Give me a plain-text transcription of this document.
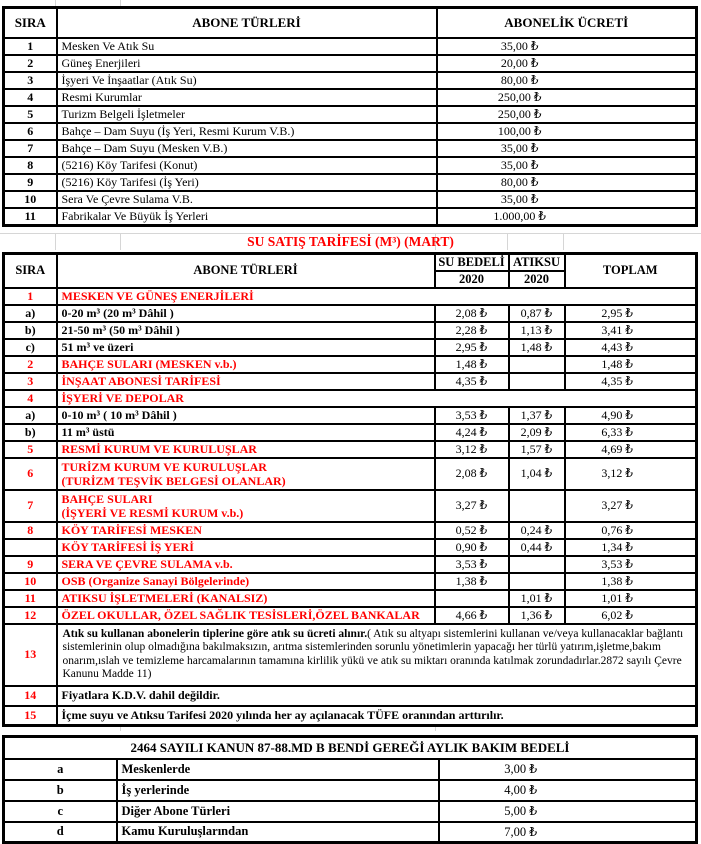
SIRA	ABONE TÜRLERİ	ABONELİK ÜCRETİ
1	Mesken Ve Atık Su	35,00 ₺
2	Güneş Enerjileri	20,00 ₺
3	İşyeri Ve İnşaatlar (Atık Su)	80,00 ₺
4	Resmi Kurumlar	250,00 ₺
5	Turizm Belgeli İşletmeler	250,00 ₺
6	Bahçe – Dam Suyu (İş Yeri, Resmi Kurum V.B.)	100,00 ₺
7	Bahçe – Dam Suyu (Mesken V.B.)	35,00 ₺
8	(5216) Köy Tarifesi (Konut)	35,00 ₺
9	(5216) Köy Tarifesi (İş Yeri)	80,00 ₺
10	Sera Ve Çevre Sulama V.B.	35,00 ₺
11	Fabrikalar Ve Büyük İş Yerleri	1.000,00 ₺
SU SATIŞ TARİFESİ (M³) (MART)
SIRA	ABONE TÜRLERİ	SU BEDELİ	ATIKSU	TOPLAM
		2020	2020	
1	MESKEN VE GÜNEŞ ENERJİLERİ			
a)	0-20 m³ (20 m³ Dâhil )	2,08 ₺	0,87 ₺	2,95 ₺
b)	21-50 m³ (50 m³ Dâhil )	2,28 ₺	1,13 ₺	3,41 ₺
c)	51 m³ ve üzeri	2,95 ₺	1,48 ₺	4,43 ₺
2	BAHÇE SULARI (MESKEN v.b.)	1,48 ₺		1,48 ₺
3	İNŞAAT ABONESİ TARİFESİ	4,35 ₺		4,35 ₺
4	İŞYERİ VE DEPOLAR			
a)	0-10 m³ ( 10 m³ Dâhil )	3,53 ₺	1,37 ₺	4,90 ₺
b)	11 m³ üstü	4,24 ₺	2,09 ₺	6,33 ₺
5	RESMİ KURUM VE KURULUŞLAR	3,12 ₺	1,57 ₺	4,69 ₺
6	TURİZM KURUM VE KURULUŞLAR
(TURİZM TEŞVİK BELGESİ OLANLAR)	2,08 ₺	1,04 ₺	3,12 ₺
7	BAHÇE SULARI
(İŞYERİ VE RESMİ KURUM v.b.)	3,27 ₺		3,27 ₺
8	KÖY TARİFESİ MESKEN	0,52 ₺	0,24 ₺	0,76 ₺
	KÖY TARİFESİ İŞ YERİ	0,90 ₺	0,44 ₺	1,34 ₺
9	SERA VE ÇEVRE SULAMA v.b.	3,53 ₺		3,53 ₺
10	OSB (Organize Sanayi Bölgelerinde)	1,38 ₺		1,38 ₺
11	ATIKSU İŞLETMELERİ (KANALSIZ)		1,01 ₺	1,01 ₺
12	ÖZEL OKULLAR, ÖZEL SAĞLIK TESİSLERİ,ÖZEL BANKALAR	4,66 ₺	1,36 ₺	6,02 ₺
13	Atık su kullanan abonelerin tiplerine göre atık su ücreti alınır.( Atık su altyapı sistemlerini kullanan ve/veya kullanacaklar bağlantı sistemlerinin olup olmadığına bakılmaksızın, arıtma sistemlerinden sorunlu yönetimlerin yapacağı her türlü yatırım,işletme,bakım onarım,ıslah ve temizleme harcamalarının tamamına kirlilik yükü ve atık su miktarı oranında katılmak zorundadırlar.2872 sayılı Çevre Kanunu Madde 11)			
14	Fiyatlara K.D.V. dahil değildir.			
15	İçme suyu ve Atıksu Tarifesi 2020 yılında her ay açılanacak TÜFE oranından arttırılır.			
2464 SAYILI KANUN 87-88.MD B BENDİ GEREĞİ AYLIK BAKIM BEDELİ		
a	Meskenlerde	3,00 ₺
b	İş yerlerinde	4,00 ₺
c	Diğer Abone Türleri	5,00 ₺
d	Kamu Kuruluşlarından	7,00 ₺
